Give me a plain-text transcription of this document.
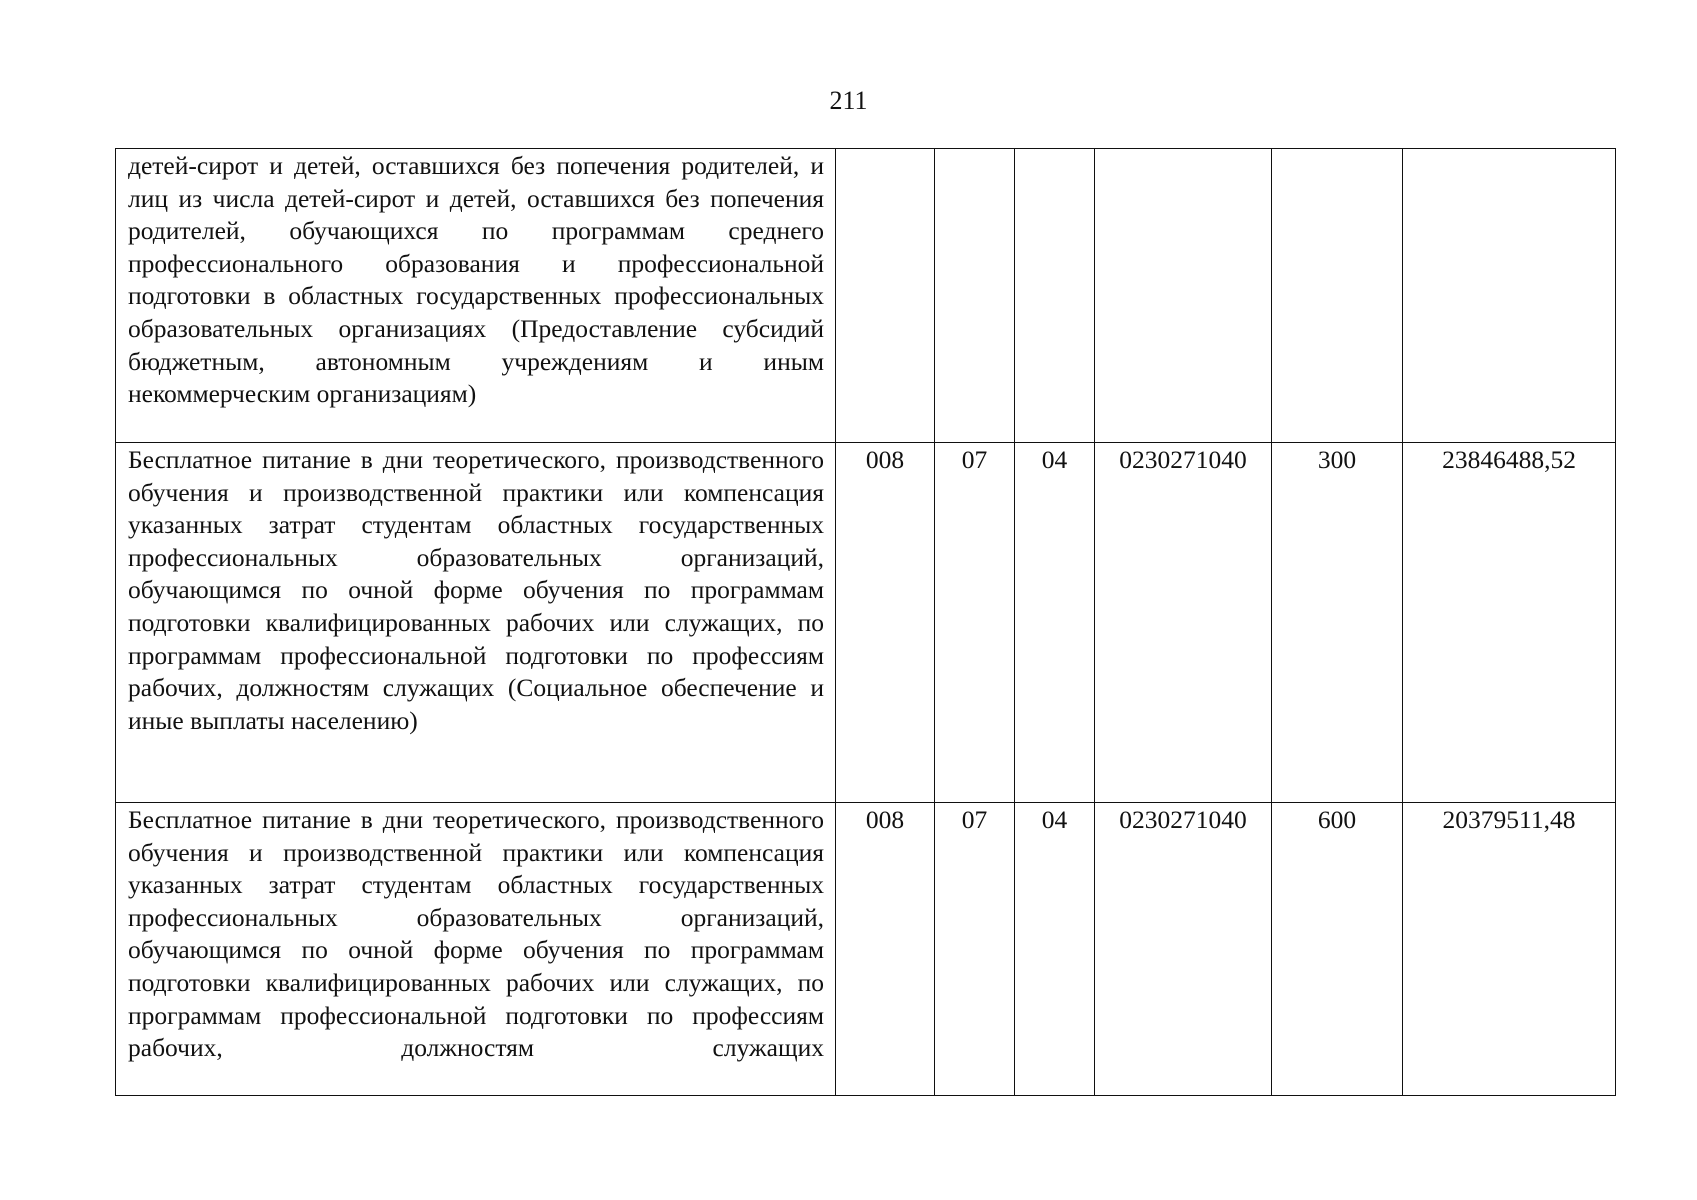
211
детей-сирот и детей, оставшихся без попечения родителей, и лиц из числа детей-сирот и детей, оставшихся без попечения родителей, обучающихся по программам среднего профессионального образования и профессиональной подготовки в областных государственных профессиональных образовательных организациях (Предоставление субсидий бюджетным, автономным учреждениям и иным некоммерческим организациям)						
Бесплатное питание в дни теоретического, производственного обучения и производственной практики или компенсация указанных затрат студентам областных государственных профессиональных образовательных организаций, обучающимся по очной форме обучения по программам подготовки квалифицированных рабочих или служащих, по программам профессиональной подготовки по профессиям рабочих, должностям служащих (Социальное обеспечение и иные выплаты населению)	008	07	04	0230271040	300	23846488,52
Бесплатное питание в дни теоретического, производственного обучения и производственной практики или компенсация указанных затрат студентам областных государственных профессиональных образовательных организаций, обучающимся по очной форме обучения по программам подготовки квалифицированных рабочих или служащих, по программам профессиональной подготовки по профессиям рабочих, должностям служащих	008	07	04	0230271040	600	20379511,48
